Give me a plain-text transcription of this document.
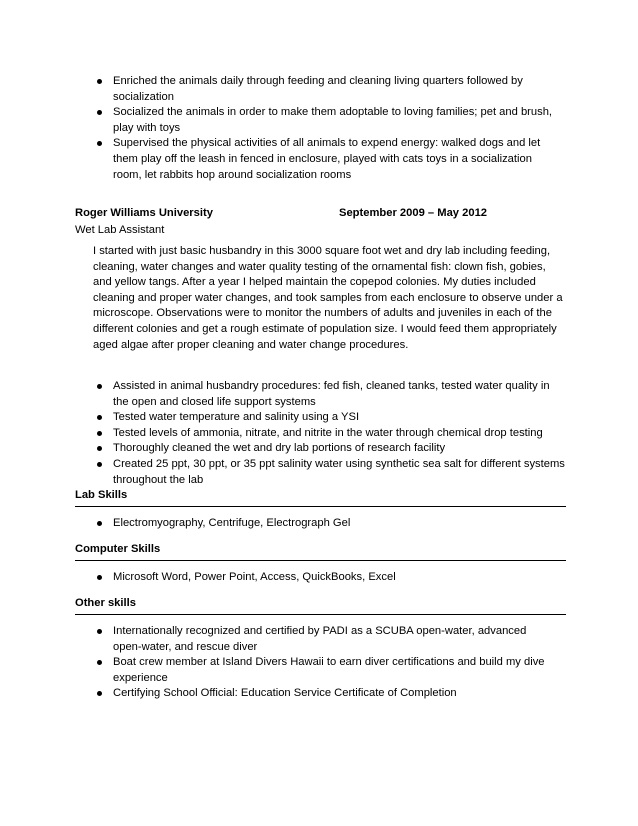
Enriched the animals daily through feeding and cleaning living quarters followed by socialization
Socialized the animals in order to make them adoptable to loving families; pet and brush, play with toys
Supervised the physical activities of all animals to expend energy: walked dogs and let them play off the leash in fenced in enclosure, played with cats toys in a socialization room, let rabbits hop around socialization rooms
Roger Williams University	September 2009 – May 2012
Wet Lab Assistant
I started with just basic husbandry in this 3000 square foot wet and dry lab including feeding, cleaning, water changes and water quality testing of the ornamental fish: clown fish, gobies, and yellow tangs. After a year I helped maintain the copepod colonies. My duties included cleaning and proper water changes, and took samples from each enclosure to observe under a microscope. Observations were to monitor the numbers of adults and juveniles in each of the different colonies and get a rough estimate of population size. I would feed them appropriately aged algae after proper cleaning and water change procedures.
Assisted in animal husbandry procedures: fed fish, cleaned tanks, tested water quality in the open and closed life support systems
Tested water temperature and salinity using a YSI
Tested levels of ammonia, nitrate, and nitrite in the water through chemical drop testing
Thoroughly cleaned the wet and dry lab portions of research facility
Created 25 ppt, 30 ppt, or 35 ppt salinity water using synthetic sea salt for different systems throughout the lab
Lab Skills
Electromyography, Centrifuge, Electrograph Gel
Computer Skills
Microsoft Word, Power Point, Access, QuickBooks, Excel
Other skills
Internationally recognized and certified by PADI as a SCUBA open-water, advanced open-water, and rescue diver
Boat crew member at Island Divers Hawaii to earn diver certifications and build my dive experience
Certifying School Official: Education Service Certificate of Completion
